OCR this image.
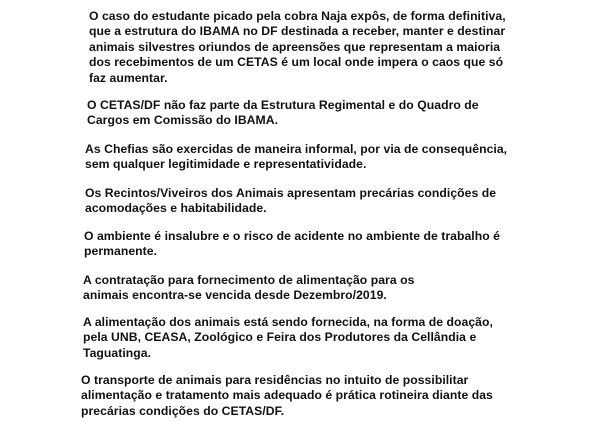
O caso do estudante picado pela cobra Naja expôs, de forma definitiva,
que a estrutura do IBAMA no DF destinada a receber, manter e destinar
animais silvestres oriundos de apreensões que representam a maioria
dos recebimentos de um CETAS é um local onde impera o caos que só
faz aumentar.

O CETAS/DF não faz parte da Estrutura Regimental e do Quadro de
Cargos em Comissão do IBAMA.

As Chefias são exercidas de maneira informal, por via de consequência,
sem qualquer legitimidade e representatividade.

Os Recintos/Viveiros dos Animais apresentam precárias condições de
acomodações e habitabilidade.

O ambiente é insalubre e o risco de acidente no ambiente de trabalho é
permanente.

A contratação para fornecimento de alimentação para os
animais encontra-se vencida desde Dezembro/2019.

A alimentação dos animais está sendo fornecida, na forma de doação,
pela UNB, CEASA, Zoológico e Feira dos Produtores da Cellândia e
Taguatinga.

O transporte de animais para residências no intuito de possibilitar
alimentação e tratamento mais adequado é prática rotineira diante das
precárias condições do CETAS/DF.
